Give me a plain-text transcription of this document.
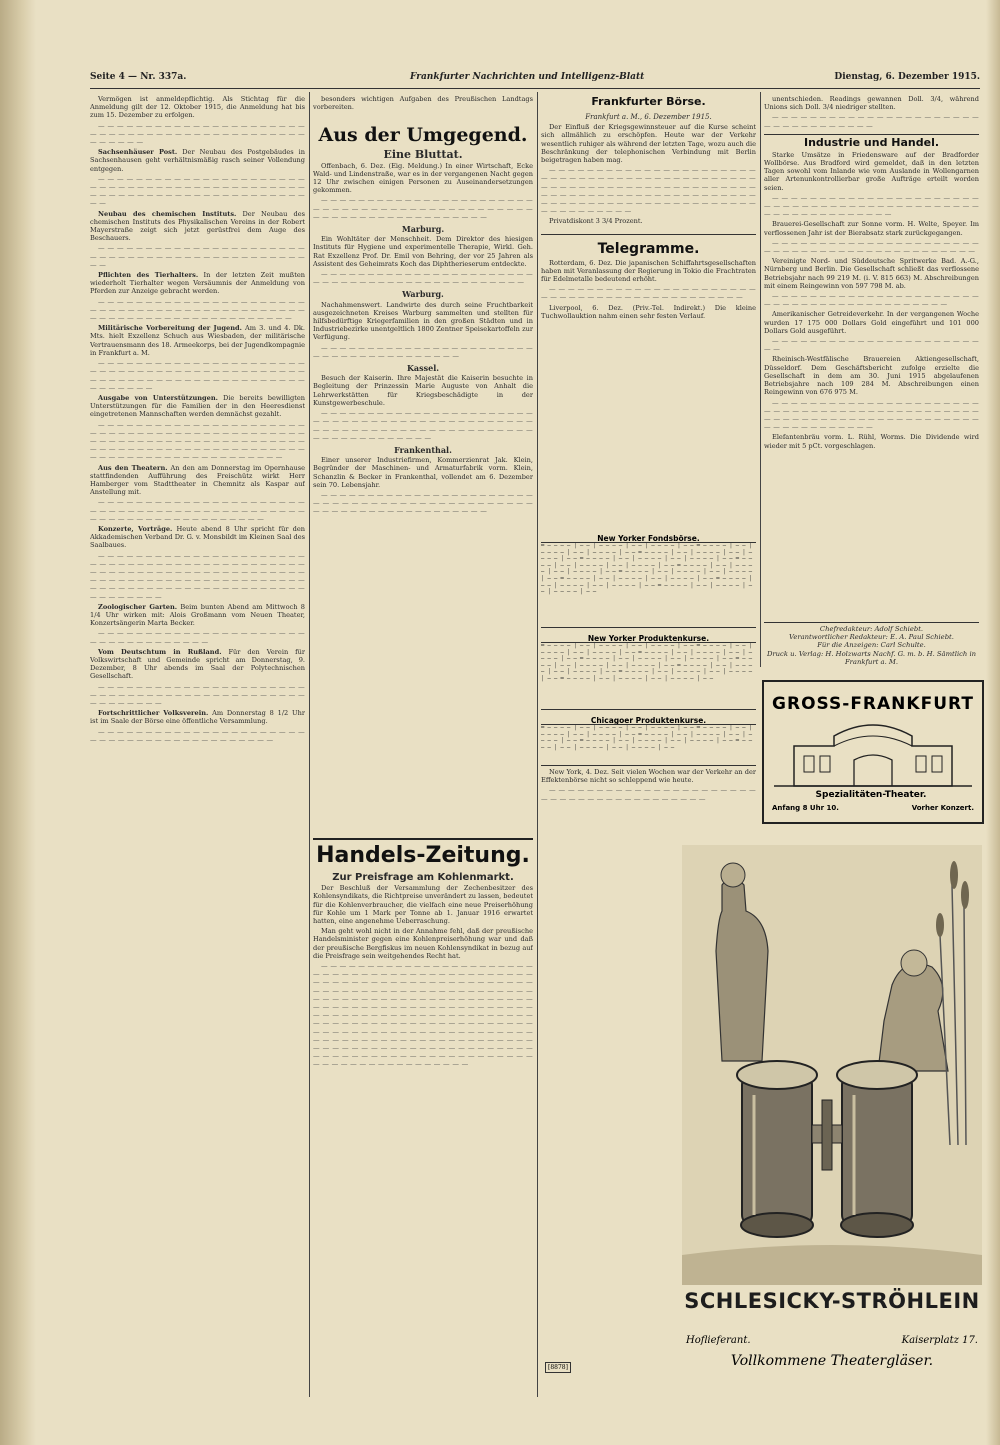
Seite 4 — Nr. 337a.	Frankfurter Nachrichten und Intelligenz-Blatt	Dienstag, 6. Dezember 1915.

Vermögen ist anmeldepflichtig. Als Stichtag für die Anmeldung gilt der 12. Oktober 1915, die Anmeldung hat bis zum 15. Dezember zu erfolgen.

— — — — — — — — — — — — — — — — — — — — — — — — — — — — — — — — — — — — — — — — — — — — — — — — — — —

Sachsenhäuser Post. Der Neubau des Postgebäudes in Sachsenhausen geht verhältnismäßig rasch seiner Vollendung entgegen.

— — — — — — — — — — — — — — — — — — — — — — — — — — — — — — — — — — — — — — — — — — — — — — — — — — — — — — — — — — — — — — — — — — — — — —

Neubau des chemischen Instituts. Der Neubau des chemischen Instituts des Physikalischen Vereins in der Robert Mayerstraße zeigt sich jetzt gerüstfrei dem Auge des Beschauers.

— — — — — — — — — — — — — — — — — — — — — — — — — — — — — — — — — — — — — — — — — — — — — — —

Pflichten des Tierhalters. In der letzten Zeit mußten wiederholt Tierhalter wegen Versäumnis der Anmeldung von Pferden zur Anzeige gebracht werden.

— — — — — — — — — — — — — — — — — — — — — — — — — — — — — — — — — — — — — — — — — — — — — — — — — — — — — — — — — — — — — — — — — — —

Militärische Vorbereitung der Jugend. Am 3. und 4. Dk. Mts. hielt Exzellenz Schuch aus Wiesbaden, der militärische Vertrauensmann des 18. Armeekorps, bei der Jugendkompagnie in Frankfurt a. M.

— — — — — — — — — — — — — — — — — — — — — — — — — — — — — — — — — — — — — — — — — — — — — — — — — — — — — — — — — — — — — — — — — — — — — — — — — — —

Ausgabe von Unterstützungen. Die bereits bewilligten Unterstützungen für die Familien der in den Heeresdienst eingetretenen Mannschaften werden demnächst gezahlt.

— — — — — — — — — — — — — — — — — — — — — — — — — — — — — — — — — — — — — — — — — — — — — — — — — — — — — — — — — — — — — — — — — — — — — — — — — — — — — — — — — — — — — — — — — — — — — — — — — — — — — — — — — — — — — — — —

Aus den Theatern. An den am Donnerstag im Opernhause stattfindenden Aufführung des Freischütz wirkt Herr Hamberger vom Stadttheater in Chemnitz als Kaspar auf Anstellung mit.

— — — — — — — — — — — — — — — — — — — — — — — — — — — — — — — — — — — — — — — — — — — — — — — — — — — — — — — — — — — — — — — —

Konzerte, Vorträge. Heute abend 8 Uhr spricht für den Akkademischen Verband Dr. G. v. Monsbildt im Kleinen Saal des Saalbaues.

— — — — — — — — — — — — — — — — — — — — — — — — — — — — — — — — — — — — — — — — — — — — — — — — — — — — — — — — — — — — — — — — — — — — — — — — — — — — — — — — — — — — — — — — — — — — — — — — — — — — — — — — — — — — — — — — — — — — — — — — — —

Zoologischer Garten. Beim bunten Abend am Mittwoch 8 1/4 Uhr wirken mit: Alois Großmann vom Neuen Theater, Konzertsängerin Marta Becker.

— — — — — — — — — — — — — — — — — — — — — — — — — — — — — — — — — — —

Vom Deutschtum in Rußland. Für den Verein für Volkswirtschaft und Gemeinde spricht am Donnerstag, 9. Dezember, 8 Uhr abends im Saal der Polytechnischen Gesellschaft.

— — — — — — — — — — — — — — — — — — — — — — — — — — — — — — — — — — — — — — — — — — — — — — — — — — — — —

Fortschrittlicher Volksverein. Am Donnerstag 8 1/2 Uhr ist im Saale der Börse eine öffentliche Versammlung.

— — — — — — — — — — — — — — — — — — — — — — — — — — — — — — — — — — — — — — — — — —

besonders wichtigen Aufgaben des Preußischen Landtags vorbereiten.

Aus der Umgegend.
Eine Bluttat.

Offenbach, 6. Dez. (Eig. Meldung.) In einer Wirtschaft, Ecke Wald- und Lindenstraße, war es in der vergangenen Nacht gegen 12 Uhr zwischen einigen Personen zu Auseinandersetzungen gekommen.

— — — — — — — — — — — — — — — — — — — — — — — — — — — — — — — — — — — — — — — — — — — — — — — — — — — — — — — — — — — — — — — — —

Marburg.

Ein Wohltäter der Menschheit. Dem Direktor des hiesigen Instituts für Hygiene und experimentelle Therapie, Wirkl. Geh. Rat Exzellenz Prof. Dr. Emil von Behring, der vor 25 Jahren als Assistent des Geheimrats Koch das Diphtherieserum entdeckte.

— — — — — — — — — — — — — — — — — — — — — — — — — — — — — — — — — — — — — — — — — — — — — —

Warburg.

Nachahmenswert. Landwirte des durch seine Fruchtbarkeit ausgezeichneten Kreises Warburg sammelten und stellten für hilfsbedürftige Kriegerfamilien in den großen Städten und in Industriebezirke unentgeltlich 1800 Zentner Speisekartoffeln zur Verfügung.

— — — — — — — — — — — — — — — — — — — — — — — — — — — — — — — — — — — — — — —

Kassel.

Besuch der Kaiserin. Ihre Majestät die Kaiserin besuchte in Begleitung der Prinzessin Marie Auguste von Anhalt die Lehrwerkstätten für Kriegsbeschädigte in der Kunstgewerbeschule.

— — — — — — — — — — — — — — — — — — — — — — — — — — — — — — — — — — — — — — — — — — — — — — — — — — — — — — — — — — — — — — — — — — — — — — — — — — — — — — — — — —

Frankenthal.

Einer unserer Industriefirmen, Kommerzienrat Jak. Klein, Begründer der Maschinen- und Armaturfabrik vorm. Klein, Schanzlin & Becker in Frankenthal, vollendet am 6. Dezember sein 70. Lebensjahr.

— — — — — — — — — — — — — — — — — — — — — — — — — — — — — — — — — — — — — — — — — — — — — — — — — — — — — — — — — — — — — — — — —

Handels-Zeitung.
Zur Preisfrage am Kohlenmarkt.

Der Beschluß der Versammlung der Zechenbesitzer des Kohlensyndikats, die Richtpreise unverändert zu lassen, bedeutet für die Kohlenverbraucher, die vielfach eine neue Preiserhöhung für Kohle um 1 Mark per Tonne ab 1. Januar 1916 erwartet hatten, eine angenehme Ueberraschung.

Man geht wohl nicht in der Annahme fehl, daß der preußische Handelsminister gegen eine Kohlenpreiserhöhung war und daß der preußische Bergfiskus im neuen Kohlensyndikat in bezug auf die Preisfrage sein weitgehendes Recht hat.

— — — — — — — — — — — — — — — — — — — — — — — — — — — — — — — — — — — — — — — — — — — — — — — — — — — — — — — — — — — — — — — — — — — — — — — — — — — — — — — — — — — — — — — — — — — — — — — — — — — — — — — — — — — — — — — — — — — — — — — — — — — — — — — — — — — — — — — — — — — — — — — — — — — — — — — — — — — — — — — — — — — — — — — — — — — — — — — — — — — — — — — — — — — — — — — — — — — — — — — — — — — — — — — — — — — — — — — — — — — — — — — — — — — — — — — — — — — — — — — — — — — — — — — — — — — — — — — — — — — — — — — — — — — — — — — — — — — — — — — — — — — — — — — — — — — — —

[8878]
Frankfurter Börse.
Frankfurt a. M., 6. Dezember 1915.

Der Einfluß der Kriegsgewinnsteuer auf die Kurse scheint sich allmählich zu erschöpfen. Heute war der Verkehr wesentlich ruhiger als während der letzten Tage, wozu auch die Beschränkung der telephonischen Verbindung mit Berlin beigetragen haben mag.

— — — — — — — — — — — — — — — — — — — — — — — — — — — — — — — — — — — — — — — — — — — — — — — — — — — — — — — — — — — — — — — — — — — — — — — — — — — — — — — — — — — — — — — — — — — — — — — — — — — — — — — — — — — — — — — — — — — — — — — — — — — —

Privatdiskont 3 3/4 Prozent.

Telegramme.

Rotterdam, 6. Dez. Die japanischen Schiffahrtsgesellschaften haben mit Veranlassung der Regierung in Tokio die Frachtraten für Edelmetalle bedeutend erhöht.

— — — — — — — — — — — — — — — — — — — — — — — — — — — — — — — — — — — — — — — — — — — —

Liverpool, 6. Dez. (Priv.-Tel. Indirekt.) Die kleine Tuchwollauktion nahm einen sehr festen Verlauf.

New Yorker Fondsbörse.
═ ─ ─ ─ ─ │ ─ ─ │ ─ ─ ─ ─ │ ─ ─ │ ─ ─ ─ ─ │ ─ ─ ═ ─ ─ ─ ─ │ ─ ─ │ ─ ─ ─ ─ │ ─ ─ │ ─ ─ ─ ─ │ ─ ─ ═ ─ ─ ─ ─ │ ─ ─ │ ─ ─ ─ ─ │ ─ ─ │ ─ ─ ─ ─ │ ─ ─ ═ ─ ─ ─ ─ │ ─ ─ │ ─ ─ ─ ─ │ ─ ─ │ ─ ─ ─ ─ │ ─ ─ ═ ─ ─ ─ ─ │ ─ ─ │ ─ ─ ─ ─ │ ─ ─ │ ─ ─ ─ ─ │ ─ ─ ═ ─ ─ ─ ─ │ ─ ─ │ ─ ─ ─ ─ │ ─ ─ │ ─ ─ ─ ─ │ ─ ─ ═ ─ ─ ─ ─ │ ─ ─ │ ─ ─ ─ ─ │ ─ ─ │ ─ ─ ─ ─ │ ─ ─ ═ ─ ─ ─ ─ │ ─ ─ │ ─ ─ ─ ─ │ ─ ─ │ ─ ─ ─ ─ │ ─ ─ ═ ─ ─ ─ ─ │ ─ ─ │ ─ ─ ─ ─ │ ─ ─ │ ─ ─ ─ ─ │ ─ ─ ═ ─ ─ ─ ─ │ ─ ─ │ ─ ─ ─ ─ │ ─ ─ │ ─ ─ ─ ─ │ ─ ─
New Yorker Produktenkurse.
═ ─ ─ ─ ─ │ ─ ─ │ ─ ─ ─ ─ │ ─ ─ │ ─ ─ ─ ─ │ ─ ─ ═ ─ ─ ─ ─ │ ─ ─ │ ─ ─ ─ ─ │ ─ ─ │ ─ ─ ─ ─ │ ─ ─ ═ ─ ─ ─ ─ │ ─ ─ │ ─ ─ ─ ─ │ ─ ─ │ ─ ─ ─ ─ │ ─ ─ ═ ─ ─ ─ ─ │ ─ ─ │ ─ ─ ─ ─ │ ─ ─ │ ─ ─ ─ ─ │ ─ ─ ═ ─ ─ ─ ─ │ ─ ─ │ ─ ─ ─ ─ │ ─ ─ │ ─ ─ ─ ─ │ ─ ─ ═ ─ ─ ─ ─ │ ─ ─ │ ─ ─ ─ ─ │ ─ ─ │ ─ ─ ─ ─ │ ─ ─ ═ ─ ─ ─ ─ │ ─ ─ │ ─ ─ ─ ─ │ ─ ─ │ ─ ─ ─ ─ │ ─ ─ ═ ─ ─ ─ ─ │ ─ ─ │ ─ ─ ─ ─ │ ─ ─ │ ─ ─ ─ ─ │ ─ ─
Chicagoer Produktenkurse.
═ ─ ─ ─ ─ │ ─ ─ │ ─ ─ ─ ─ │ ─ ─ │ ─ ─ ─ ─ │ ─ ─ ═ ─ ─ ─ ─ │ ─ ─ │ ─ ─ ─ ─ │ ─ ─ │ ─ ─ ─ ─ │ ─ ─ ═ ─ ─ ─ ─ │ ─ ─ │ ─ ─ ─ ─ │ ─ ─ │ ─ ─ ─ ─ │ ─ ─ ═ ─ ─ ─ ─ │ ─ ─ │ ─ ─ ─ ─ │ ─ ─ │ ─ ─ ─ ─ │ ─ ─ ═ ─ ─ ─ ─ │ ─ ─ │ ─ ─ ─ ─ │ ─ ─ │ ─ ─ ─ ─ │ ─ ─

New York, 4. Dez. Seit vielen Wochen war der Verkehr an der Effektenbörse nicht so schleppend wie heute.

— — — — — — — — — — — — — — — — — — — — — — — — — — — — — — — — — — — — — — — —

unentschieden. Readings gewannen Doll. 3/4, während Unions sich Doll. 3/4 niedriger stellten.

— — — — — — — — — — — — — — — — — — — — — — — — — — — — — — — — — —

Industrie und Handel.

Starke Umsätze in Friedensware auf der Bradforder Wollbörse. Aus Bradford wird gemeldet, daß in den letzten Tagen sowohl vom Inlande wie vom Auslande in Wollengarnen aller Artenunkontrollierbar große Aufträge erteilt worden seien.

— — — — — — — — — — — — — — — — — — — — — — — — — — — — — — — — — — — — — — — — — — — — — — — — — — — — — — — — — — —

Brauerei-Gesellschaft zur Sonne vorm. H. Welte, Speyer. Im verflossenen Jahr ist der Bierabsatz stark zurückgegangen.

— — — — — — — — — — — — — — — — — — — — — — — — — — — — — — — — — — — — — — — — — — — — —

Vereinigte Nord- und Süddeutsche Spritwerke Bad. A.-G., Nürnberg und Berlin. Die Gesellschaft schließt das verflossene Betriebsjahr nach 99 219 M. (i. V. 815 663) M. Abschreibungen mit einem Reingewinn von 597 798 M. ab.

— — — — — — — — — — — — — — — — — — — — — — — — — — — — — — — — — — — — — — — — — —

Amerikanischer Getreideverkehr. In der vergangenen Woche wurden 17 175 000 Dollars Gold eingeführt und 101 000 Dollars Gold ausgeführt.

— — — — — — — — — — — — — — — — — — — — — — — —

Rheinisch-Westfälische Brauereien Aktiengesellschaft, Düsseldorf. Dem Geschäftsbericht zufolge erzielte die Gesellschaft in dem am 30. Juni 1915 abgelaufenen Betriebsjahre nach 109 284 M. Abschreibungen einen Reingewinn von 676 975 M.

— — — — — — — — — — — — — — — — — — — — — — — — — — — — — — — — — — — — — — — — — — — — — — — — — — — — — — — — — — — — — — — — — — — — — — — — — — — — — — — —

Elefantenbräu vorm. L. Rühl, Worms. Die Dividende wird wieder mit 5 pCt. vorgeschlagen.

Chefredakteur: Adolf Schiebt.
Verantwortlicher Redakteur: E. A. Paul Schiebt.
Für die Anzeigen: Carl Schulte.
Druck u. Verlag: H. Holzwarts Nachf. G. m. b. H. Sämtlich in Frankfurt a. M.
GROSS-FRANKFURT
Spezialitäten-Theater.
Anfang 8 Uhr 10.	Vorher Konzert.
SCHLESICKY-STRÖHLEIN
Hoflieferant.	Kaiserplatz 17.
Vollkommene Theatergläser.
